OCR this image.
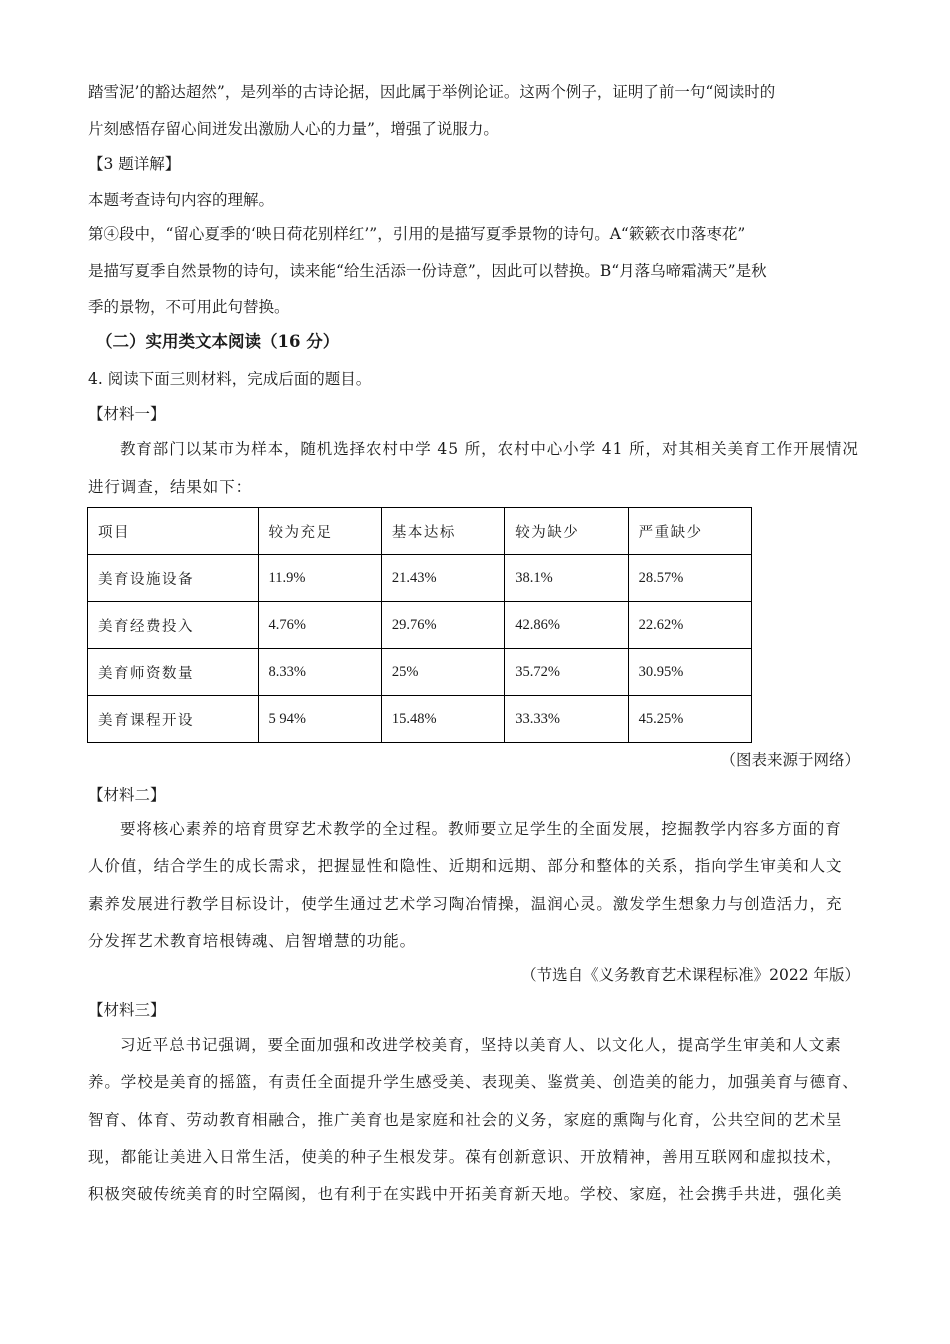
踏雪泥’的豁达超然”，是列举的古诗论据，因此属于举例论证。这两个例子，证明了前一句“阅读时的
片刻感悟存留心间迸发出激励人心的力量”，增强了说服力。
【3 题详解】
本题考查诗句内容的理解。
第④段中，“留心夏季的‘映日荷花别样红’”，引用的是描写夏季景物的诗句。A“簌簌衣巾落枣花”
是描写夏季自然景物的诗句，读来能“给生活添一份诗意”，因此可以替换。B“月落乌啼霜满天”是秋
季的景物，不可用此句替换。
（二）实用类文本阅读（16 分）
4. 阅读下面三则材料，完成后面的题目。
【材料一】
教育部门以某市为样本，随机选择农村中学 45 所，农村中心小学 41 所，对其相关美育工作开展情况
进行调查，结果如下：
项目	较为充足	基本达标	较为缺少	严重缺少
美育设施设备	11.9%	21.43%	38.1%	28.57%
美育经费投入	4.76%	29.76%	42.86%	22.62%
美育师资数量	8.33%	25%	35.72%	30.95%
美育课程开设	5 94%	15.48%	33.33%	45.25%
（图表来源于网络）
【材料二】
要将核心素养的培育贯穿艺术教学的全过程。教师要立足学生的全面发展，挖掘教学内容多方面的育
人价值，结合学生的成长需求，把握显性和隐性、近期和远期、部分和整体的关系，指向学生审美和人文
素养发展进行教学目标设计，使学生通过艺术学习陶冶情操，温润心灵。激发学生想象力与创造活力，充
分发挥艺术教育培根铸魂、启智增慧的功能。
（节选自《义务教育艺术课程标准》2022 年版）
【材料三】
习近平总书记强调，要全面加强和改进学校美育，坚持以美育人、以文化人，提高学生审美和人文素
养。学校是美育的摇篮，有责任全面提升学生感受美、表现美、鉴赏美、创造美的能力，加强美育与德育、
智育、体育、劳动教育相融合，推广美育也是家庭和社会的义务，家庭的熏陶与化育，公共空间的艺术呈
现，都能让美进入日常生活，使美的种子生根发芽。葆有创新意识、开放精神，善用互联网和虚拟技术，
积极突破传统美育的时空隔阂，也有利于在实践中开拓美育新天地。学校、家庭，社会携手共进，强化美
